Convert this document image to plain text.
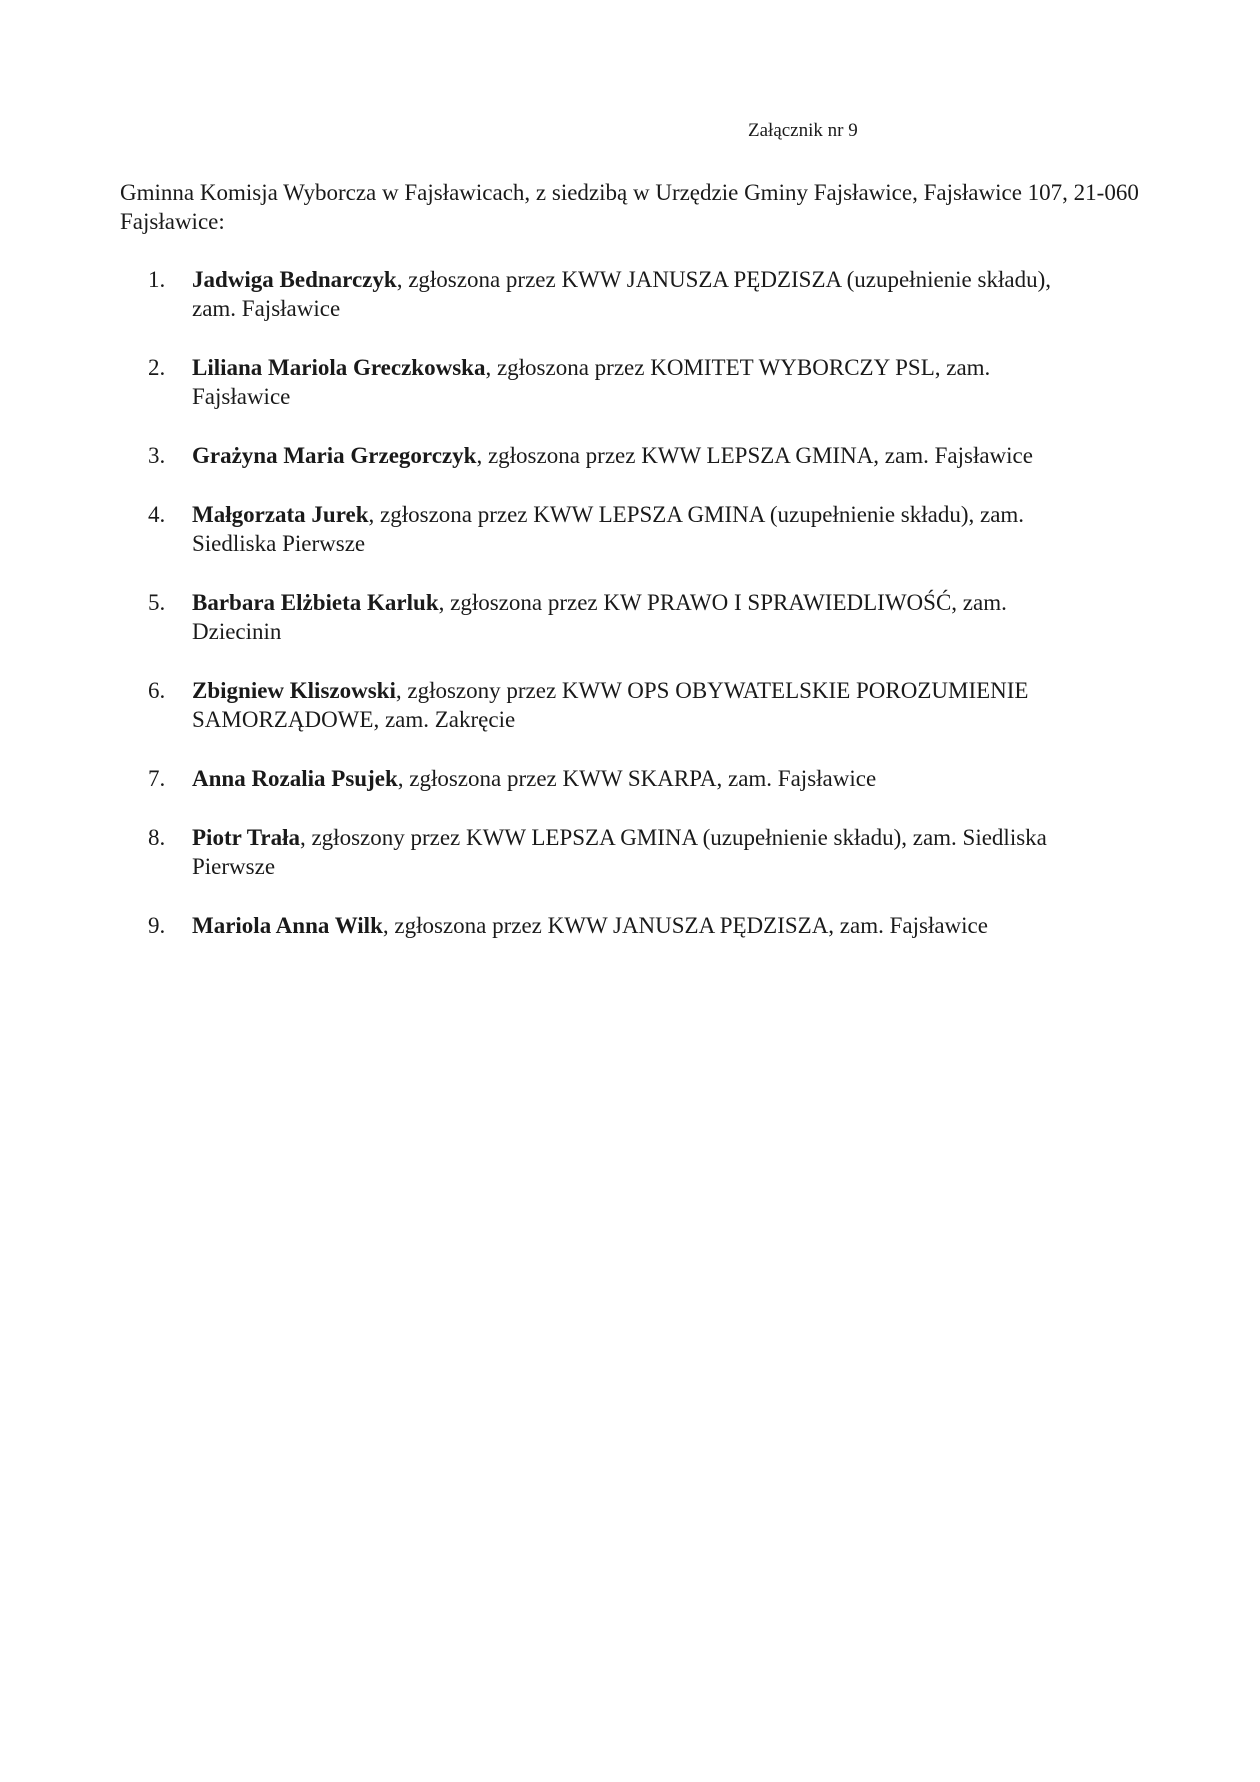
Załącznik nr 9

Gminna Komisja Wyborcza w Fajsławicach, z siedzibą w Urzędzie Gminy Fajsławice, Fajsławice 107, 21-060 Fajsławice:

1. Jadwiga Bednarczyk, zgłoszona przez KWW JANUSZA PĘDZISZA (uzupełnienie składu), zam. Fajsławice
2. Liliana Mariola Greczkowska, zgłoszona przez KOMITET WYBORCZY PSL, zam. Fajsławice
3. Grażyna Maria Grzegorczyk, zgłoszona przez KWW LEPSZA GMINA, zam. Fajsławice
4. Małgorzata Jurek, zgłoszona przez KWW LEPSZA GMINA (uzupełnienie składu), zam. Siedliska Pierwsze
5. Barbara Elżbieta Karluk, zgłoszona przez KW PRAWO I SPRAWIEDLIWOŚĆ, zam. Dziecinin
6. Zbigniew Kliszowski, zgłoszony przez KWW OPS OBYWATELSKIE POROZUMIENIE SAMORZĄDOWE, zam. Zakręcie
7. Anna Rozalia Psujek, zgłoszona przez KWW SKARPA, zam. Fajsławice
8. Piotr Trała, zgłoszony przez KWW LEPSZA GMINA (uzupełnienie składu), zam. Siedliska Pierwsze
9. Mariola Anna Wilk, zgłoszona przez KWW JANUSZA PĘDZISZA, zam. Fajsławice
